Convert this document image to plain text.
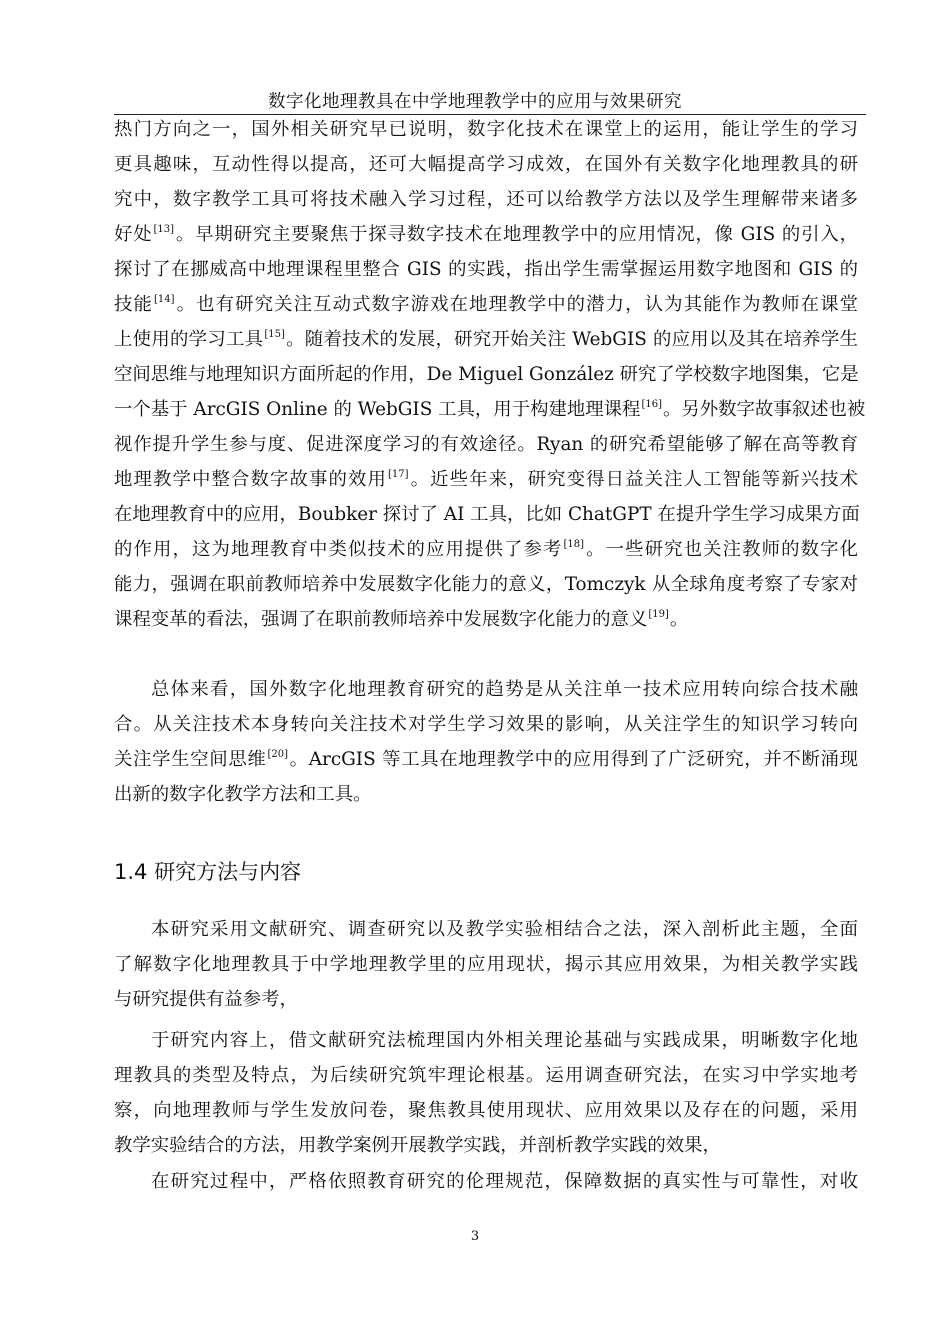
数字化地理教具在中学地理教学中的应用与效果研究
热门方向之一，国外相关研究早已说明，数字化技术在课堂上的运用，能让学生的学习
更具趣味，互动性得以提高，还可大幅提高学习成效，在国外有关数字化地理教具的研
究中，数字教学工具可将技术融入学习过程，还可以给教学方法以及学生理解带来诸多
好处[13]。早期研究主要聚焦于探寻数字技术在地理教学中的应用情况，像 GIS 的引入，
探讨了在挪威高中地理课程里整合 GIS 的实践，指出学生需掌握运用数字地图和 GIS 的
技能[14]。也有研究关注互动式数字游戏在地理教学中的潜力，认为其能作为教师在课堂
上使用的学习工具[15]。随着技术的发展，研究开始关注 WebGIS 的应用以及其在培养学生
空间思维与地理知识方面所起的作用，De Miguel González 研究了学校数字地图集，它是
一个基于 ArcGIS Online 的 WebGIS 工具，用于构建地理课程[16]。另外数字故事叙述也被
视作提升学生参与度、促进深度学习的有效途径。Ryan 的研究希望能够了解在高等教育
地理教学中整合数字故事的效用[17]。近些年来，研究变得日益关注人工智能等新兴技术
在地理教育中的应用，Boubker 探讨了 AI 工具，比如 ChatGPT 在提升学生学习成果方面
的作用，这为地理教育中类似技术的应用提供了参考[18]。一些研究也关注教师的数字化
能力，强调在职前教师培养中发展数字化能力的意义，Tomczyk 从全球角度考察了专家对
课程变革的看法，强调了在职前教师培养中发展数字化能力的意义[19]。
总体来看，国外数字化地理教育研究的趋势是从关注单一技术应用转向综合技术融
合。从关注技术本身转向关注技术对学生学习效果的影响，从关注学生的知识学习转向
关注学生空间思维[20]。ArcGIS 等工具在地理教学中的应用得到了广泛研究，并不断涌现
出新的数字化教学方法和工具。
1.4 研究方法与内容
本研究采用文献研究、调查研究以及教学实验相结合之法，深入剖析此主题，全面
了解数字化地理教具于中学地理教学里的应用现状，揭示其应用效果，为相关教学实践
与研究提供有益参考，
于研究内容上，借文献研究法梳理国内外相关理论基础与实践成果，明晰数字化地
理教具的类型及特点，为后续研究筑牢理论根基。运用调查研究法，在实习中学实地考
察，向地理教师与学生发放问卷，聚焦教具使用现状、应用效果以及存在的问题，采用
教学实验结合的方法，用教学案例开展教学实践，并剖析教学实践的效果，
在研究过程中，严格依照教育研究的伦理规范，保障数据的真实性与可靠性，对收
3
